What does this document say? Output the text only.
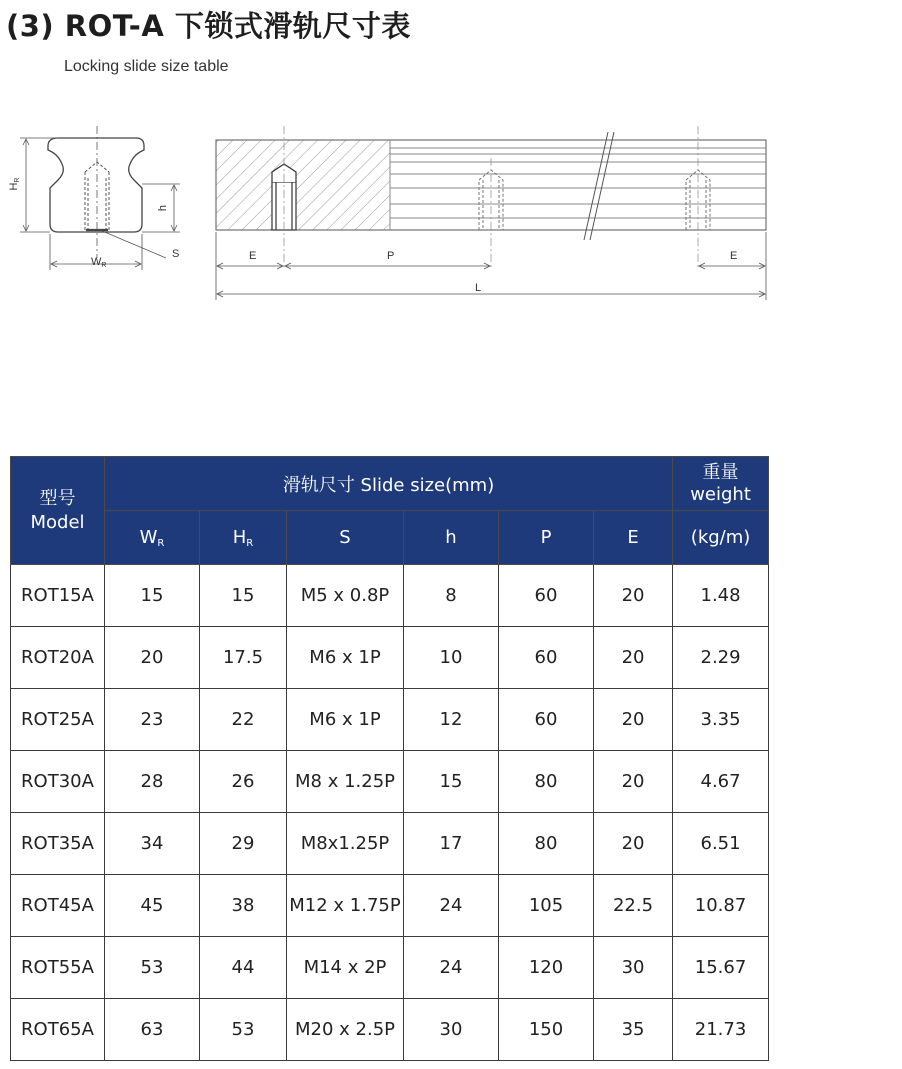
(3) ROT-A 下锁式滑轨尺寸表
Locking slide size table
HR
h
WR
S	E	P	E
L
型号
Model	滑轨尺寸 Slide size(mm)						重量
weight
	$W_R$	$H_R$	S	h	P	E	(kg/m)
ROT15A	15	15	M5 x 0.8P	8	60	20	1.48
ROT20A	20	17.5	M6 x 1P	10	60	20	2.29
ROT25A	23	22	M6 x 1P	12	60	20	3.35
ROT30A	28	26	M8 x 1.25P	15	80	20	4.67
ROT35A	34	29	M8x1.25P	17	80	20	6.51
ROT45A	45	38	M12 x 1.75P	24	105	22.5	10.87
ROT55A	53	44	M14 x 2P	24	120	30	15.67
ROT65A	63	53	M20 x 2.5P	30	150	35	21.73
